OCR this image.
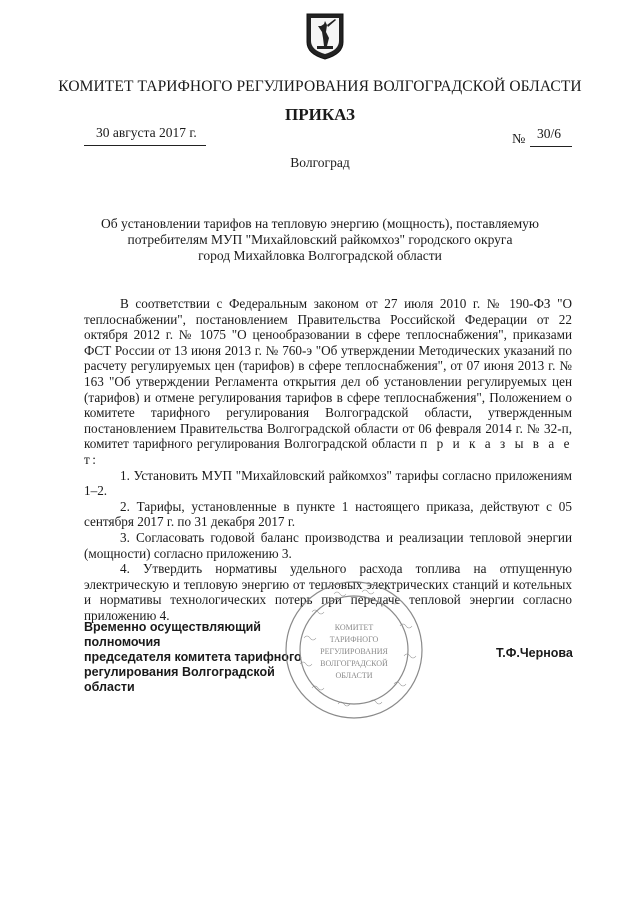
КОМИТЕТ ТАРИФНОГО РЕГУЛИРОВАНИЯ ВОЛГОГРАДСКОЙ ОБЛАСТИ
ПРИКАЗ
30 августа 2017 г.	№ 30/6
Волгоград
Об установлении тарифов на тепловую энергию (мощность), поставляемую
потребителям МУП "Михайловский райкомхоз" городского округа
город Михайловка Волгоградской области

В соответствии с Федеральным законом от 27 июля 2010 г. № 190-ФЗ "О теплоснабжении", постановлением Правительства Российской Федерации от 22 октября 2012 г. № 1075 "О ценообразовании в сфере теплоснабжения", приказами ФСТ России от 13 июня 2013 г. № 760-э "Об утверждении Методических указаний по расчету регулируемых цен (тарифов) в сфере теплоснабжения", от 07 июня 2013 г. № 163 "Об утверждении Регламента открытия дел об установлении регулируемых цен (тарифов) и отмене регулирования тарифов в сфере теплоснабжения", Положением о комитете тарифного регулирования Волгоградской области, утвержденным постановлением Правительства Волгоградской области от 06 февраля 2014 г. № 32-п, комитет тарифного регулирования Волгоградской области п р и к а з ы в а е т:

1. Установить МУП "Михайловский райкомхоз" тарифы согласно приложениям 1–2.

2. Тарифы, установленные в пункте 1 настоящего приказа, действуют с 05 сентября 2017 г. по 31 декабря 2017 г.

3. Согласовать годовой баланс производства и реализации тепловой энергии (мощности) согласно приложению 3.

4. Утвердить нормативы удельного расхода топлива на отпущенную электрическую и тепловую энергию от тепловых электрических станций и котельных и нормативы технологических потерь при передаче тепловой энергии согласно приложению 4.

Временно осуществляющий полномочия
председателя комитета тарифного
регулирования Волгоградской области
Т.Ф.Чернова
КОМИТЕТ
ТАРИФНОГО
РЕГУЛИРОВАНИЯ
ВОЛГОГРАДСКОЙ
ОБЛАСТИ
